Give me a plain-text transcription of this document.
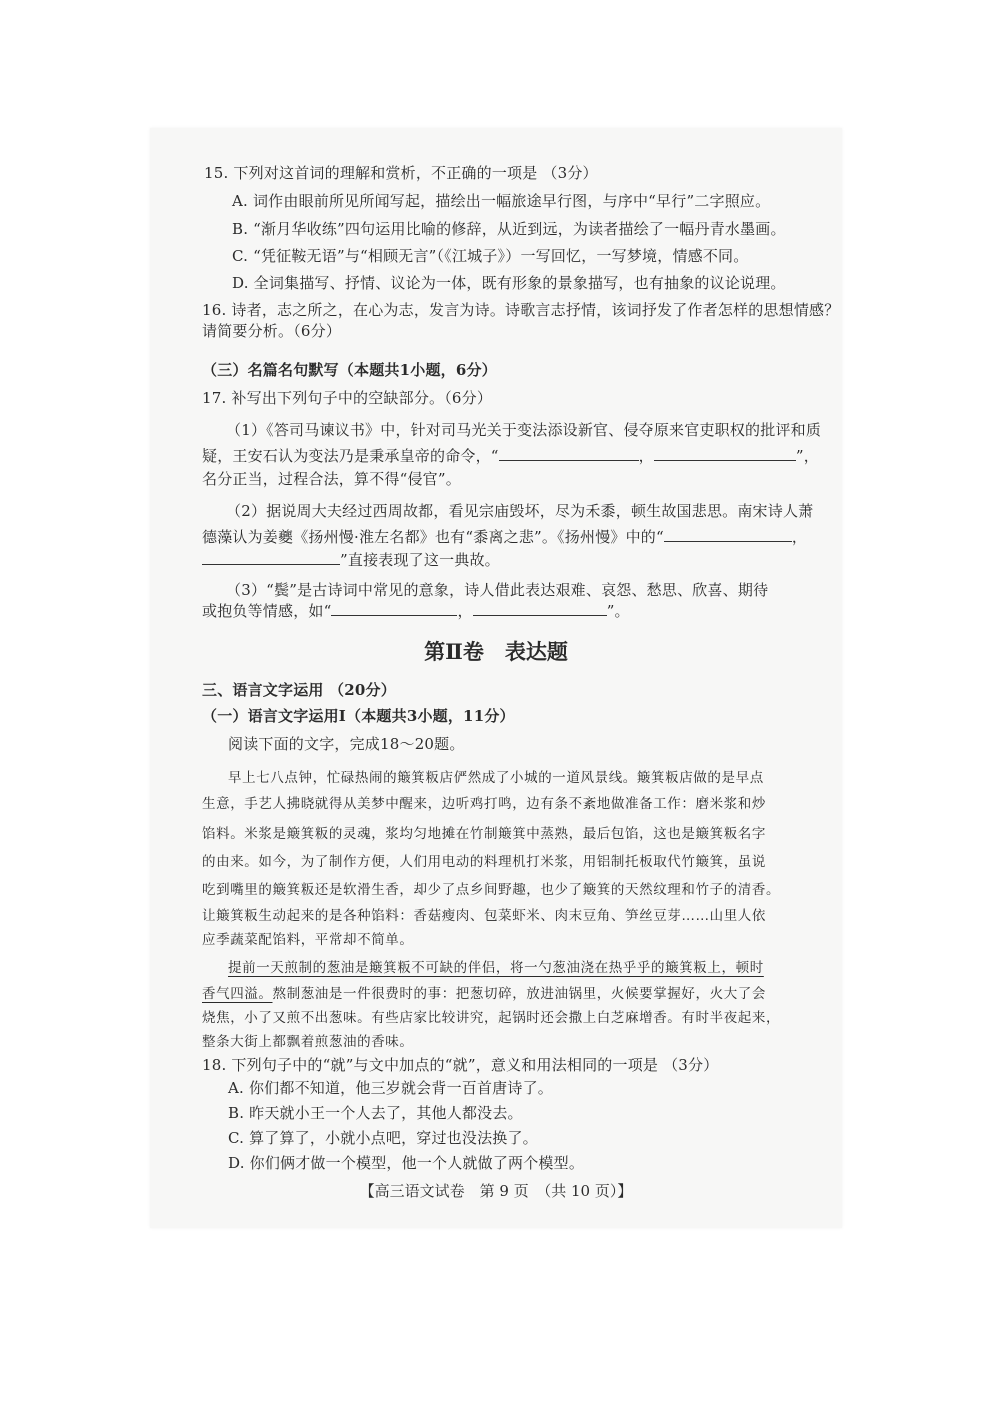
15. 下列对这首词的理解和赏析，不正确的一项是 （3分）
A. 词作由眼前所见所闻写起，描绘出一幅旅途早行图，与序中“早行”二字照应。
B. “渐月华收练”四句运用比喻的修辞，从近到远，为读者描绘了一幅丹青水墨画。
C. “凭征鞍无语”与“相顾无言”（《江城子》）一写回忆，一写梦境，情感不同。
D. 全词集描写、抒情、议论为一体，既有形象的景象描写，也有抽象的议论说理。
16. 诗者，志之所之，在心为志，发言为诗。诗歌言志抒情，该词抒发了作者怎样的思想情感？
请简要分析。（6分）
（三）名篇名句默写（本题共1小题，6分）
17. 补写出下列句子中的空缺部分。（6分）
（1）《答司马谏议书》中，针对司马光关于变法添设新官、侵夺原来官吏职权的批评和质
疑，王安石认为变法乃是秉承皇帝的命令，“	，	”，
名分正当，过程合法，算不得“侵官”。
（2）据说周大夫经过西周故都，看见宗庙毁坏，尽为禾黍，顿生故国悲思。南宋诗人萧
德藻认为姜夔《扬州慢·淮左名都》也有“黍离之悲”。《扬州慢》中的“	，
”直接表现了这一典故。
（3）“鬓”是古诗词中常见的意象，诗人借此表达艰难、哀怨、愁思、欣喜、期待
或抱负等情感，如“	，	”。
第Ⅱ卷　表达题
三、语言文字运用 （20分）
（一）语言文字运用Ⅰ（本题共3小题，11分）
阅读下面的文字，完成18～20题。
早上七八点钟，忙碌热闹的簸箕粄店俨然成了小城的一道风景线。簸箕粄店做的是早点
生意，手艺人拂晓就得从美梦中醒来，边听鸡打鸣，边有条不紊地做准备工作：磨米浆和炒
馅料。米浆是簸箕粄的灵魂，浆均匀地摊在竹制簸箕中蒸熟，最后包馅，这也是簸箕粄名字
的由来。如今，为了制作方便，人们用电动的料理机打米浆，用铝制托板取代竹簸箕，虽说
吃到嘴里的簸箕粄还是软滑生香，却少了点乡间野趣，也少了簸箕的天然纹理和竹子的清香。
让簸箕粄生动起来的是各种馅料：香菇瘦肉、包菜虾米、肉末豆角、笋丝豆芽……山里人依
应季蔬菜配馅料，平常却不简单。
提前一天煎制的葱油是簸箕粄不可缺的伴侣，将一勺葱油浇在热乎乎的簸箕粄上，顿时
香气四溢。熬制葱油是一件很费时的事：把葱切碎，放进油锅里，火候要掌握好，火大了会
烧焦，小了又煎不出葱味。有些店家比较讲究，起锅时还会撒上白芝麻增香。有时半夜起来，
整条大街上都飘着煎葱油的香味。
18. 下列句子中的“就”与文中加点的“就”，意义和用法相同的一项是 （3分）
A. 你们都不知道，他三岁就会背一百首唐诗了。
B. 昨天就小王一个人去了，其他人都没去。
C. 算了算了，小就小点吧，穿过也没法换了。
D. 你们俩才做一个模型，他一个人就做了两个模型。
【高三语文试卷　第 9 页　（共 10 页）】
